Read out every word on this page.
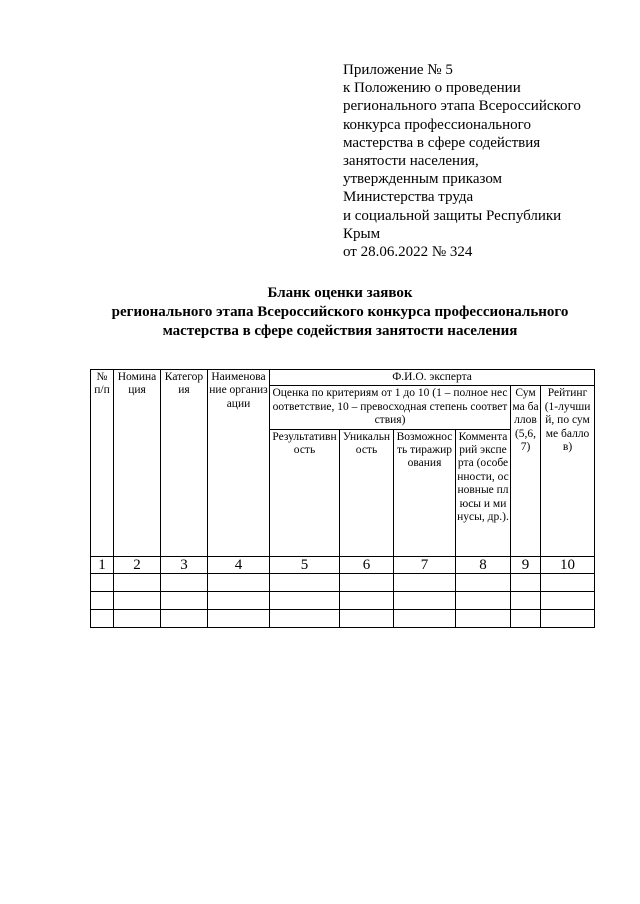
Приложение № 5
к Положению о проведении
регионального этапа Всероссийского
конкурса профессионального
мастерства в сфере содействия
занятости населения,
утвержденным приказом
Министерства труда
и социальной защиты Республики
Крым
от 28.06.2022 № 324
Бланк оценки заявок
регионального этапа Всероссийского конкурса профессионального
мастерства в сфере содействия занятости населения
№ п/п	Номинация	Категория	Наименование организации	Ф.И.О. эксперта					
				Оценка по критериям от 1 до 10 (1 – полное несоответствие, 10 – превосходная степень соответствия)				Сумма баллов (5,6, 7)	Рейтинг (1-лучший, по сумме баллов)
				Результативность	Уникальность	Возможность тиражирования	Комментарий эксперта (особенности, основные плюсы и минусы, др.).		
1	2	3	4	5	6	7	8	9	10
